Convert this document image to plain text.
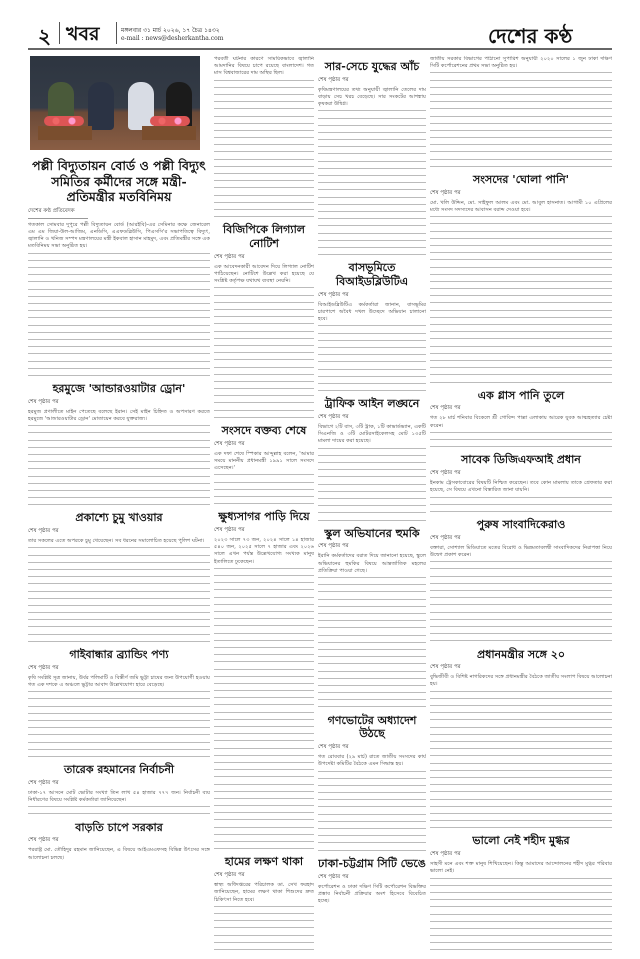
২ খবর	মঙ্গলবার ৩১ মার্চ ২০২৬, ১৭ চৈত্র ১৪৩২
e-mail : news@desherkantha.com	দেশের কণ্ঠ
পল্লী বিদ্যুতায়ন বোর্ড ও পল্লী বিদ্যুৎ সমিতির কর্মীদের সঙ্গে মন্ত্রী-প্রতিমন্ত্রীর মতবিনিময়
দেশের কণ্ঠ প্রতিবেদক

গতকাল সোমবার দুপুরে পল্লী বিদ্যুতায়ন বোর্ড (আরইবি)-এর সেমিনার কক্ষে জেনারেল এম এম জিয়া-উল-আজিম, এনডিসি, এএফডব্লিউসি, পিএসসি'র সভাপতিত্বে বিদ্যুৎ, জ্বালানি ও খনিজ সম্পদ মন্ত্রণালয়ের মন্ত্রী ইকবাল হাসান মাহমুদ, এবং প্রতিমন্ত্রীর সঙ্গে এক মতবিনিময় সভা অনুষ্ঠিত হয়।

হরমুজে 'আন্ডারওয়াটার ড্রোন'
শেষ পৃষ্ঠার পর

হরমুজ প্রণালীতে মাইন পেতেছে বলেছে ইরান। সেই মাইন চিহ্নিত ও অপসারণ করতে হরমুজে 'আন্ডারওয়াটার ড্রোন' মোতায়েন করবে যুক্তরাজ্য।

প্রকাশ্যে চুমু খাওয়ার
শেষ পৃষ্ঠার পর

তার সকলের এতে অপরকে চুমু খেয়েছেন। সব ধরনের সমালোচিত হয়েছে পুলিশ ঘটনা।

গাইবান্ধার ব্র্যান্ডিং পণ্য
শেষ পৃষ্ঠার পর

কৃষি সংশ্লিষ্ট সূত্র জানায়, উর্বর পলিমাটি ও বিস্তীর্ণ জমি ভুট্টা চাষের জন্য উপযোগী হওয়ায় গত এক দশকে এ অঞ্চলে ভুট্টার আবাদ উল্লেখযোগ্য হারে বেড়েছে।

তারেক রহমানের নির্বাচনী
শেষ পৃষ্ঠার পর

ঢাকা-১৭ আসনে মোট ভোটার সংখ্যা তিন লাখ ৫৪ হাজার ৭৭৭ জন। নির্বাচনী ব্যয় নির্ধারণের বিষয়ে সংশ্লিষ্ট কর্মকর্তারা জানিয়েছেন।

বাড়তি চাপে সরকার
শেষ পৃষ্ঠার পর

পররাষ্ট্র মো. তৌহিদুর রহমান জানিয়েছেন, এ বিষয়ে আইএমএফসহ বিভিন্ন উৎসের সঙ্গে আলোচনা চলছে।

পরবর্তী ঘটনার কারণে সাময়িকভাবে জ্বালানি আমদানির বিষয়ে চাপে রয়েছে বাংলাদেশ। গত মাস বিশ্ববাজারের দাম অস্থির ছিল।

বিজিপিকে লিগ্যাল নোটিশ
শেষ পৃষ্ঠার পর

এক আবেদনকারী আবেদন দিয়ে লিগ্যাল নোটিশ পাঠিয়েছেন। নোটিশে উল্লেখ করা হয়েছে যে সংশ্লিষ্ট কর্তৃপক্ষ যথাযথ ব্যবস্থা নেয়নি।

সংসদে বক্তব্য শেষে
শেষ পৃষ্ঠার পর

এক দফা শেষে স্পিকার আব্দুল্লাহ বলেন, 'আমার সময়ে মাননীয় প্রধানমন্ত্রী ১৯৯১ সালে সংসদে এসেছেন।'

ক্ষুধ্যসাগর পাড়ি দিয়ে
শেষ পৃষ্ঠার পর

২০২৩ সালে ৭৩ জন, ২০২৪ সালে ১৪ হাজার ৫৪০ জন, ২০২৫ সালে ৭ হাজার এবং ২০২৬ সালে এখন পর্যন্ত উল্লেখযোগ্য সংখ্যক মানুষ ইতালিতে ঢুকেছেন।

হামের লক্ষণ থাকা
শেষ পৃষ্ঠার পর

স্বাস্থ্য অধিদপ্তরের পরিচালক ডা. সেখ ফরহাদ জানিয়েছেন, হামের লক্ষণ থাকা শিশুদের দ্রুত চিকিৎসা নিতে হবে।

জাতীয় সরকার বিভাগের পাঠানো সুপারিশ অনুযায়ী ২০২০ সালের ১ জুন ঢাকা দক্ষিণ সিটি কর্পোরেশনের প্রথম সভা অনুষ্ঠিত হয়।

সংসদের 'ঘোলা পানি'
শেষ পৃষ্ঠার পর

মো. খলি উদ্দিন, মো. সাইফুল আলম এবং মো. আবুল হাসনাত। আগামী ১০ এপ্রিলের মধ্যে সংসদ সদস্যদের আবাসন বরাদ্দ দেওয়া হবে।

এক গ্লাস পানি তুলে
শেষ পৃষ্ঠার পর

গত ২৮ মার্চ শনিবার বিকেলে শ্রী গোবিন্দ পাল্লা এলাকায় আরেক যুবক আত্মহত্যার চেষ্টা করেন।

সাবেক ডিজিএফআই প্রধান
শেষ পৃষ্ঠার পর

ইনকাম ট্রেসকাবোরের বিষয়টি নিশ্চিত করেছেন। তবে কোন মামলায় তাকে গ্রেফতার করা হয়েছে, সে বিষয়ে এখনো বিস্তারিত জানা যায়নি।

পুরুষ সাংবাদিকেরাও
শেষ পৃষ্ঠার পর

বক্তারা, সোশ্যাল মিডিয়াতে মতের বিরোধ ও ভিন্নমতাবলম্বী সাংবাদিকদের নিরাপত্তা নিয়ে উদ্বেগ প্রকাশ করেন।

প্রধানমন্ত্রীর সঙ্গে ২০
শেষ পৃষ্ঠার পর

বুদ্ধিজীবী ও বিশিষ্ট নাগরিকদের সঙ্গে প্রধানমন্ত্রীর বৈঠকে জাতীয় সংলাপ বিষয়ে আলোচনা হয়।

ভালো নেই শহীদ মুগ্ধর
শেষ পৃষ্ঠার পর

সাহসী মনে এবং শক্ত মানুষ শিখিয়েছেন। কিন্তু আমাদের আন্দোলনের শহীদ মুগ্ধর পরিবার ভালো নেই।

সার-সেচে যুদ্ধের আঁচ
শেষ পৃষ্ঠার পর

কৃষিমন্ত্রণালয়ের তথ্য অনুযায়ী জ্বালানি তেলের দাম বাড়ায় সেচ খরচ বেড়েছে। সার সংকটের আশঙ্কায় কৃষকরা উদ্বিগ্ন।

বাসভূমিতে বিআইডব্লিউটিএ
শেষ পৃষ্ঠার পর

বিআইডব্লিউটিএ কর্মকর্তারা জানান, বাসভূমির চারপাশে অবৈধ দখল উচ্ছেদে অভিযান চালানো হবে।

ট্রাফিক আইন লঙ্ঘনে
শেষ পৃষ্ঠার পর

বিভাগে ২টি বাস, ৩টি ট্রাক, ১টি কাভার্ডভ্যান, একটি সিএনজি ও ৩টি মোটরসাইকেলসহ মোট ১৩৫টি মামলা দায়ের করা হয়েছে।

স্কুল অভিযানের হুমকি
শেষ পৃষ্ঠার পর

ইরানি কর্মকর্তাদের বরাত দিয়ে জানানো হয়েছে, স্কুলে অভিযানের হুমকির বিষয়ে আন্তর্জাতিক মহলের প্রতিক্রিয়া পাওয়া গেছে।

গণভোটের অধ্যাদেশ উঠছে
শেষ পৃষ্ঠার পর

গত রোববার (২৯ মার্চ) রাতে জাতীয় সংসদের কার্য উপদেষ্টা কমিটির বৈঠকে এমন সিদ্ধান্ত হয়।

ঢাকা-চট্টগ্রাম সিটি ভেঙে
শেষ পৃষ্ঠার পর

কর্পোরেশন ও ঢাকা দক্ষিণ সিটি কর্পোরেশন বিভক্তির প্রস্তাব নির্বাচনী প্রক্রিয়ার অংশ হিসেবে বিবেচিত হচ্ছে।
